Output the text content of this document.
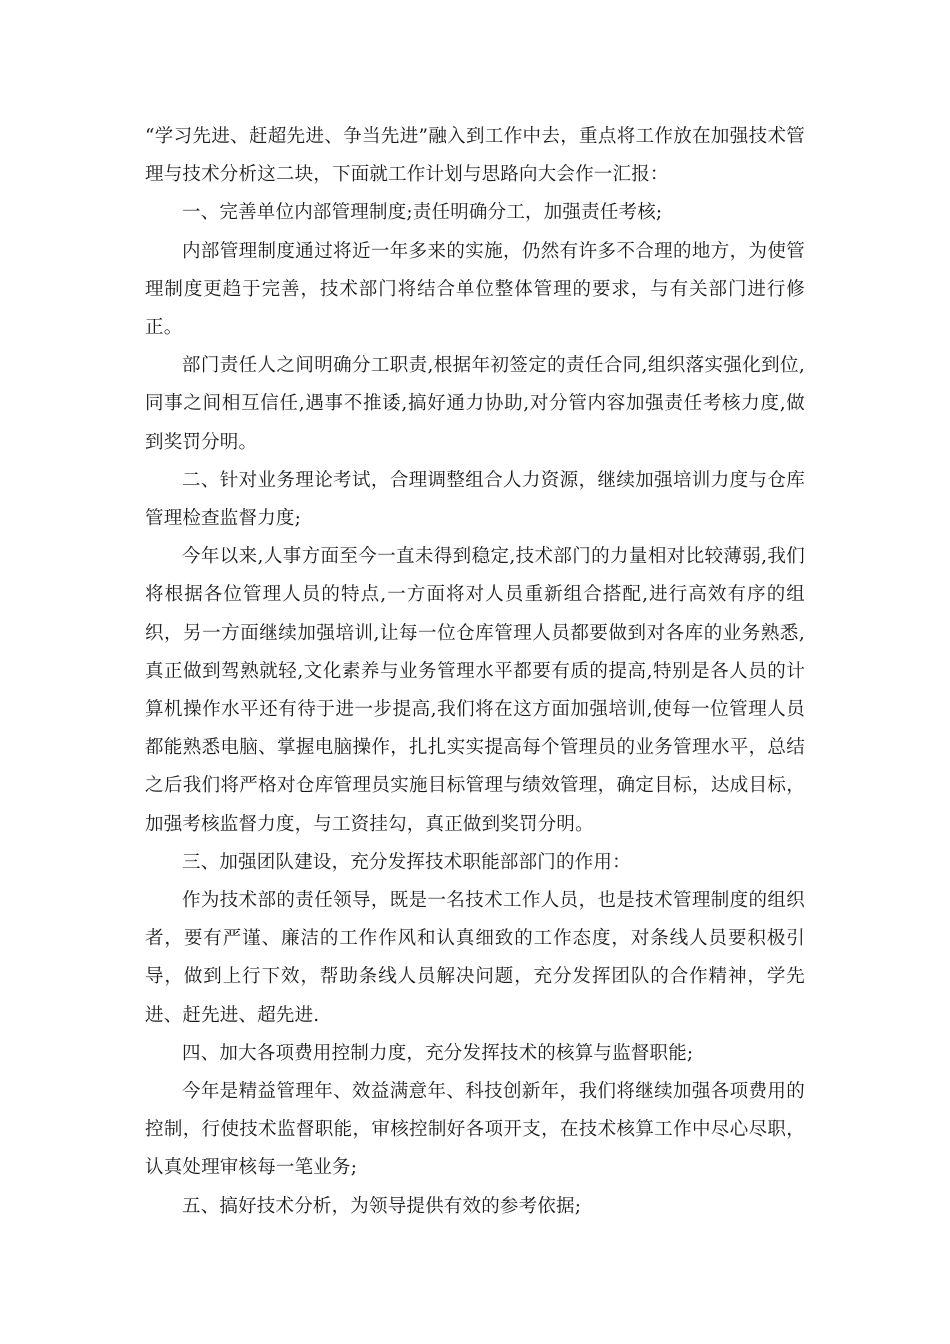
“学习先进、赶超先进、争当先进”融入到工作中去，重点将工作放在加强技术管理与技术分析这二块，下面就工作计划与思路向大会作一汇报：

一、完善单位内部管理制度;责任明确分工，加强责任考核;

内部管理制度通过将近一年多来的实施，仍然有许多不合理的地方，为使管理制度更趋于完善，技术部门将结合单位整体管理的要求，与有关部门进行修正。

部门责任人之间明确分工职责,根据年初签定的责任合同,组织落实强化到位,同事之间相互信任,遇事不推诿,搞好通力协助,对分管内容加强责任考核力度,做到奖罚分明。

二、针对业务理论考试，合理调整组合人力资源，继续加强培训力度与仓库管理检查监督力度;

今年以来,人事方面至今一直未得到稳定,技术部门的力量相对比较薄弱,我们将根据各位管理人员的特点,一方面将对人员重新组合搭配,进行高效有序的组织，另一方面继续加强培训,让每一位仓库管理人员都要做到对各库的业务熟悉,真正做到驾熟就轻,文化素养与业务管理水平都要有质的提高,特别是各人员的计算机操作水平还有待于进一步提高,我们将在这方面加强培训,使每一位管理人员都能熟悉电脑、掌握电脑操作，扎扎实实提高每个管理员的业务管理水平，总结之后我们将严格对仓库管理员实施目标管理与绩效管理，确定目标，达成目标，加强考核监督力度，与工资挂勾，真正做到奖罚分明。

三、加强团队建设，充分发挥技术职能部部门的作用：

作为技术部的责任领导，既是一名技术工作人员，也是技术管理制度的组织者，要有严谨、廉洁的工作作风和认真细致的工作态度，对条线人员要积极引导，做到上行下效，帮助条线人员解决问题，充分发挥团队的合作精神，学先进、赶先进、超先进.

四、加大各项费用控制力度，充分发挥技术的核算与监督职能;

今年是精益管理年、效益满意年、科技创新年，我们将继续加强各项费用的控制，行使技术监督职能，审核控制好各项开支，在技术核算工作中尽心尽职，认真处理审核每一笔业务;

五、搞好技术分析，为领导提供有效的参考依据;
